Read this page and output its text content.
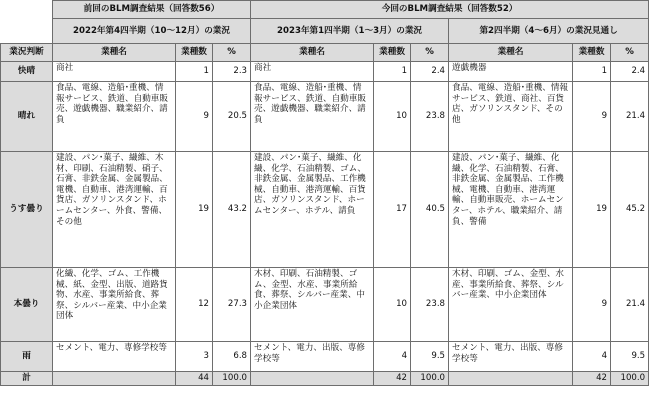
	前回のBLM調査結果（回答数56）			今回のBLM調査結果（回答数52）					
	2022年第4四半期（10～12月）の業況			2023年第1四半期（1～3月）の業況			第2四半期（4～6月）の業況見通し		
業況判断	業種名	業種数	%	業種名	業種数	%	業種名	業種数	%
快晴	商社	1	2.3	商社	1	2.4	遊戯機器	1	2.4
晴れ	食品、電線、造船･重機、情報サービス、鉄道、自動車販売、遊戯機器、職業紹介、請負	9	20.5	食品、電線、造船･重機、情報サービス、鉄道、自動車販売、遊戯機器、職業紹介、請負	10	23.8	食品、電線、造船･重機、情報サービス、鉄道、商社、百貨店、ガソリンスタンド、その他	9	21.4
うす曇り	建設、パン･菓子、繊維、木材、印刷、石油精製、硝子、石膏、非鉄金属、金属製品、電機、自動車、港湾運輸、百貨店、ガソリンスタンド、ホームセンター、外食、警備、その他	19	43.2	建設、パン･菓子、繊維、化繊、化学、石油精製、ゴム、非鉄金属、金属製品、工作機械、自動車、港湾運輸、百貨店、ガソリンスタンド、ホームセンター、ホテル、請負	17	40.5	建設、パン･菓子、繊維、化繊、化学、石油精製、石膏、非鉄金属、金属製品、工作機械、電機、自動車、港湾運輸、自動車販売、ホームセンター、ホテル、職業紹介、請負、警備	19	45.2
本曇り	化繊、化学、ゴム、工作機械、紙、金型、出版、道路貨物、水産、事業所給食、葬祭、シルバー産業、中小企業団体	12	27.3	木材、印刷、石油精製、ゴム、金型、水産、事業所給食、葬祭、シルバー産業、中小企業団体	10	23.8	木材、印刷、ゴム、金型、水産、事業所給食、葬祭、シルバー産業、中小企業団体	9	21.4
雨	セメント、電力、専修学校等	3	6.8	セメント、電力、出版、専修学校等	4	9.5	セメント、電力、出版、専修学校等	4	9.5
計		44	100.0		42	100.0		42	100.0
